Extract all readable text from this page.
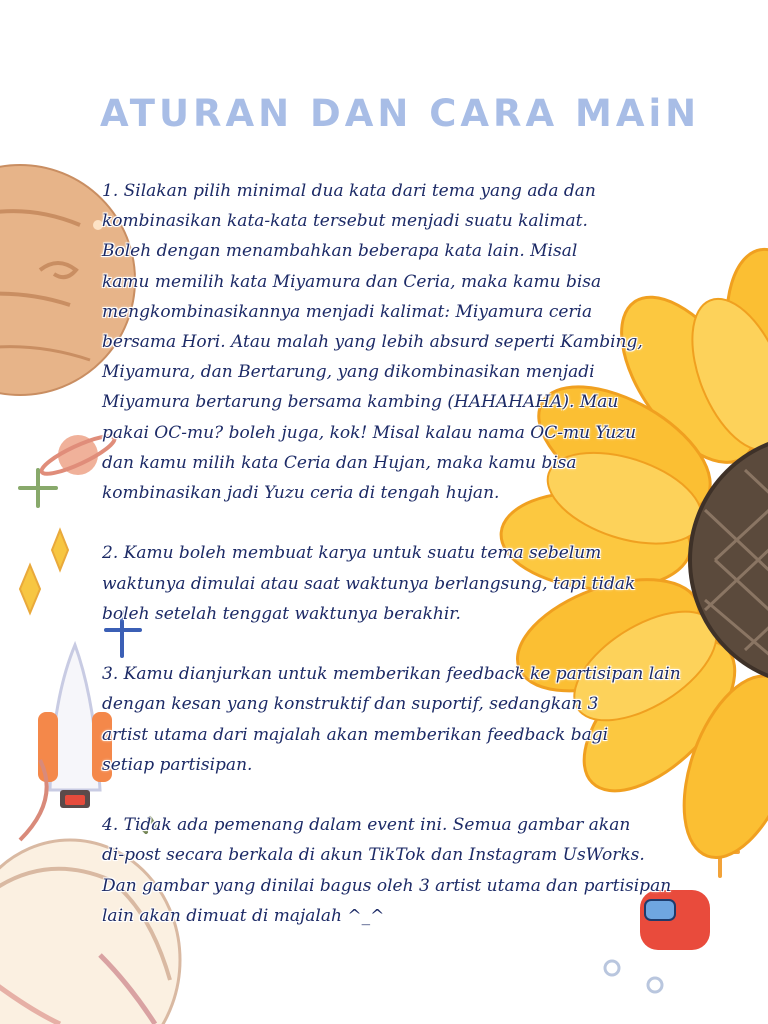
ATURAN DAN CARA MAiN
1. Silakan pilih minimal dua kata dari tema yang ada dan
kombinasikan kata-kata tersebut menjadi suatu kalimat.
Boleh dengan menambahkan beberapa kata lain. Misal
kamu memilih kata Miyamura dan Ceria, maka kamu bisa
mengkombinasikannya menjadi kalimat: Miyamura ceria
bersama Hori. Atau malah yang lebih absurd seperti Kambing,
Miyamura, dan Bertarung, yang dikombinasikan menjadi
Miyamura bertarung bersama kambing (HAHAHAHA). Mau
pakai OC-mu? boleh juga, kok! Misal kalau nama OC-mu Yuzu
dan kamu milih kata Ceria dan Hujan, maka kamu bisa
kombinasikan jadi Yuzu ceria di tengah hujan.
2. Kamu boleh membuat karya untuk suatu tema sebelum
waktunya dimulai atau saat waktunya berlangsung, tapi tidak
boleh setelah tenggat waktunya berakhir.
3. Kamu dianjurkan untuk memberikan feedback ke partisipan lain
dengan kesan yang konstruktif dan suportif, sedangkan 3
artist utama dari majalah akan memberikan feedback bagi
setiap partisipan.
4. Tidak ada pemenang dalam event ini. Semua gambar akan
di-post secara berkala di akun TikTok dan Instagram UsWorks.
Dan gambar yang dinilai bagus oleh 3 artist utama dan partisipan
lain akan dimuat di majalah ^_^
